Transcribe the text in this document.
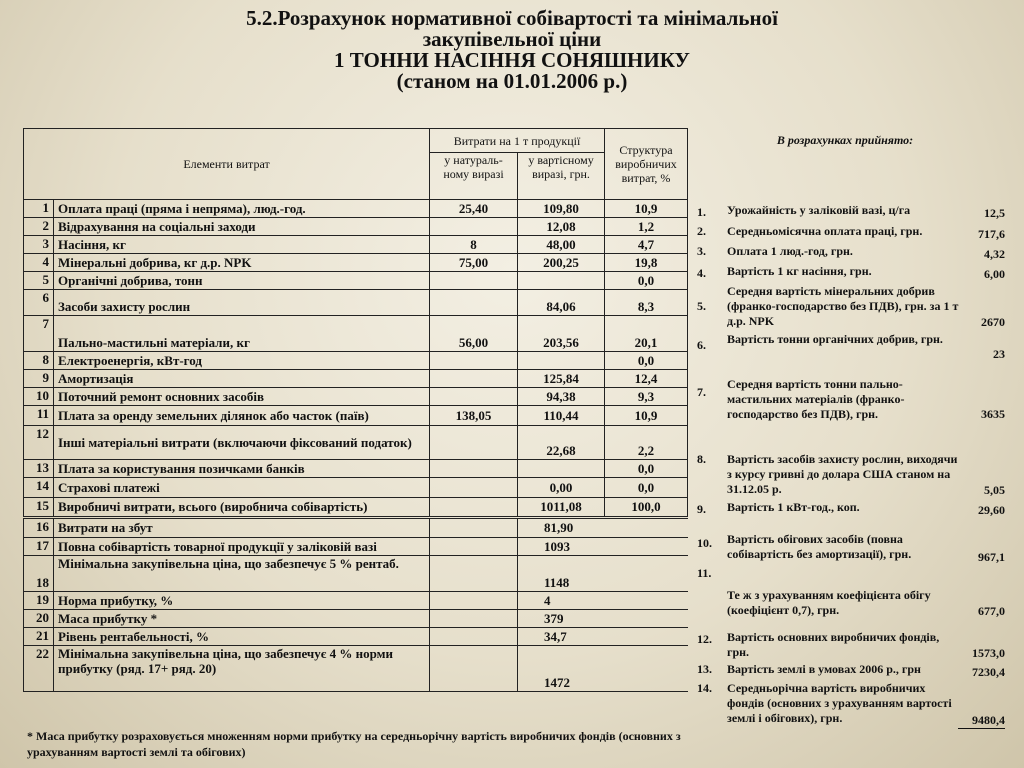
5.2.Розрахунок нормативної собівартості та мінімальної
закупівельної ціни
1 ТОННИ НАСІННЯ СОНЯШНИКУ
(станом на 01.01.2006 р.)
Елементи витрат		Витрати на 1 т продукції		Структура виробничих витрат, %
		у натураль-ному виразі	у вартісному виразі, грн.	
1	Оплата праці (пряма і непряма), люд.-год.	25,40	109,80	10,9
2	Відрахування на соціальні заходи		12,08	1,2
3	Насіння, кг	8	48,00	4,7
4	Мінеральні добрива, кг д.р. NPK	75,00	200,25	19,8
5	Органічні добрива, тонн			0,0
6	Засоби захисту рослин		84,06	8,3
7	Пально-мастильні матеріали, кг	56,00	203,56	20,1
8	Електроенергія, кВт-год			0,0
9	Амортизація		125,84	12,4
10	Поточний ремонт основних засобів		94,38	9,3
11	Плата за оренду земельних ділянок або часток (паїв)	138,05	110,44	10,9
12	Інші матеріальні витрати (включаючи фіксований податок)		22,68	2,2
13	Плата за користування позичками банків			0,0
14	Страхові платежі		0,00	0,0
15	Виробничі витрати, всього (виробнича собівартість)		1011,08	100,0
16	Витрати на збут		81,90	
17	Повна собівартість товарної продукції у заліковій вазі		1093	
18	Мінімальна закупівельна ціна, що забезпечує 5 % рентаб.		1148	
19	Норма прибутку, %		4	
20	Маса прибутку *		379	
21	Рівень рентабельності, %		34,7	
22	Мінімальна закупівельна ціна, що забезпечує 4 % норми прибутку (ряд. 17+ ряд. 20)		1472	
* Маса прибутку розраховується множенням норми прибутку на середньорічну вартість виробничих фондів (основних з урахуванням вартості землі та обігових)
В розрахунках прийнято:
1. Урожайність у заліковій вазі, ц/га	12,5
2. Середньомісячна оплата праці, грн.	717,6
3. Оплата 1 люд.-год, грн.	4,32
4. Вартість 1 кг насіння, грн.	6,00
5.
Середня вартість мінеральних добрив (франко-господарство без ПДВ), грн. за 1 т д.р. NPK	2670
6. Вартість тонни органічних добрив, грн.
23
7.
Середня вартість тонни пально-мастильних матеріалів (франко-господарство без ПДВ), грн.	3635
8. Вартість засобів захисту рослин, виходячи з курсу гривні до долара США станом на 31.12.05 р.	5,05
9. Вартість 1 кВт-год., коп.	29,60
10. Вартість обігових засобів (повна собівартість без амортизації), грн.	967,1
11.
Те ж з урахуванням коефіцієнта обігу (коефіцієнт 0,7), грн.	677,0
12. Вартість основних виробничих фондів, грн.	1573,0
13. Вартість землі в умовах 2006 р., грн	7230,4
14. Середньорічна вартість виробничих фондів (основних з урахуванням вартості землі і обігових), грн.	9480,4
